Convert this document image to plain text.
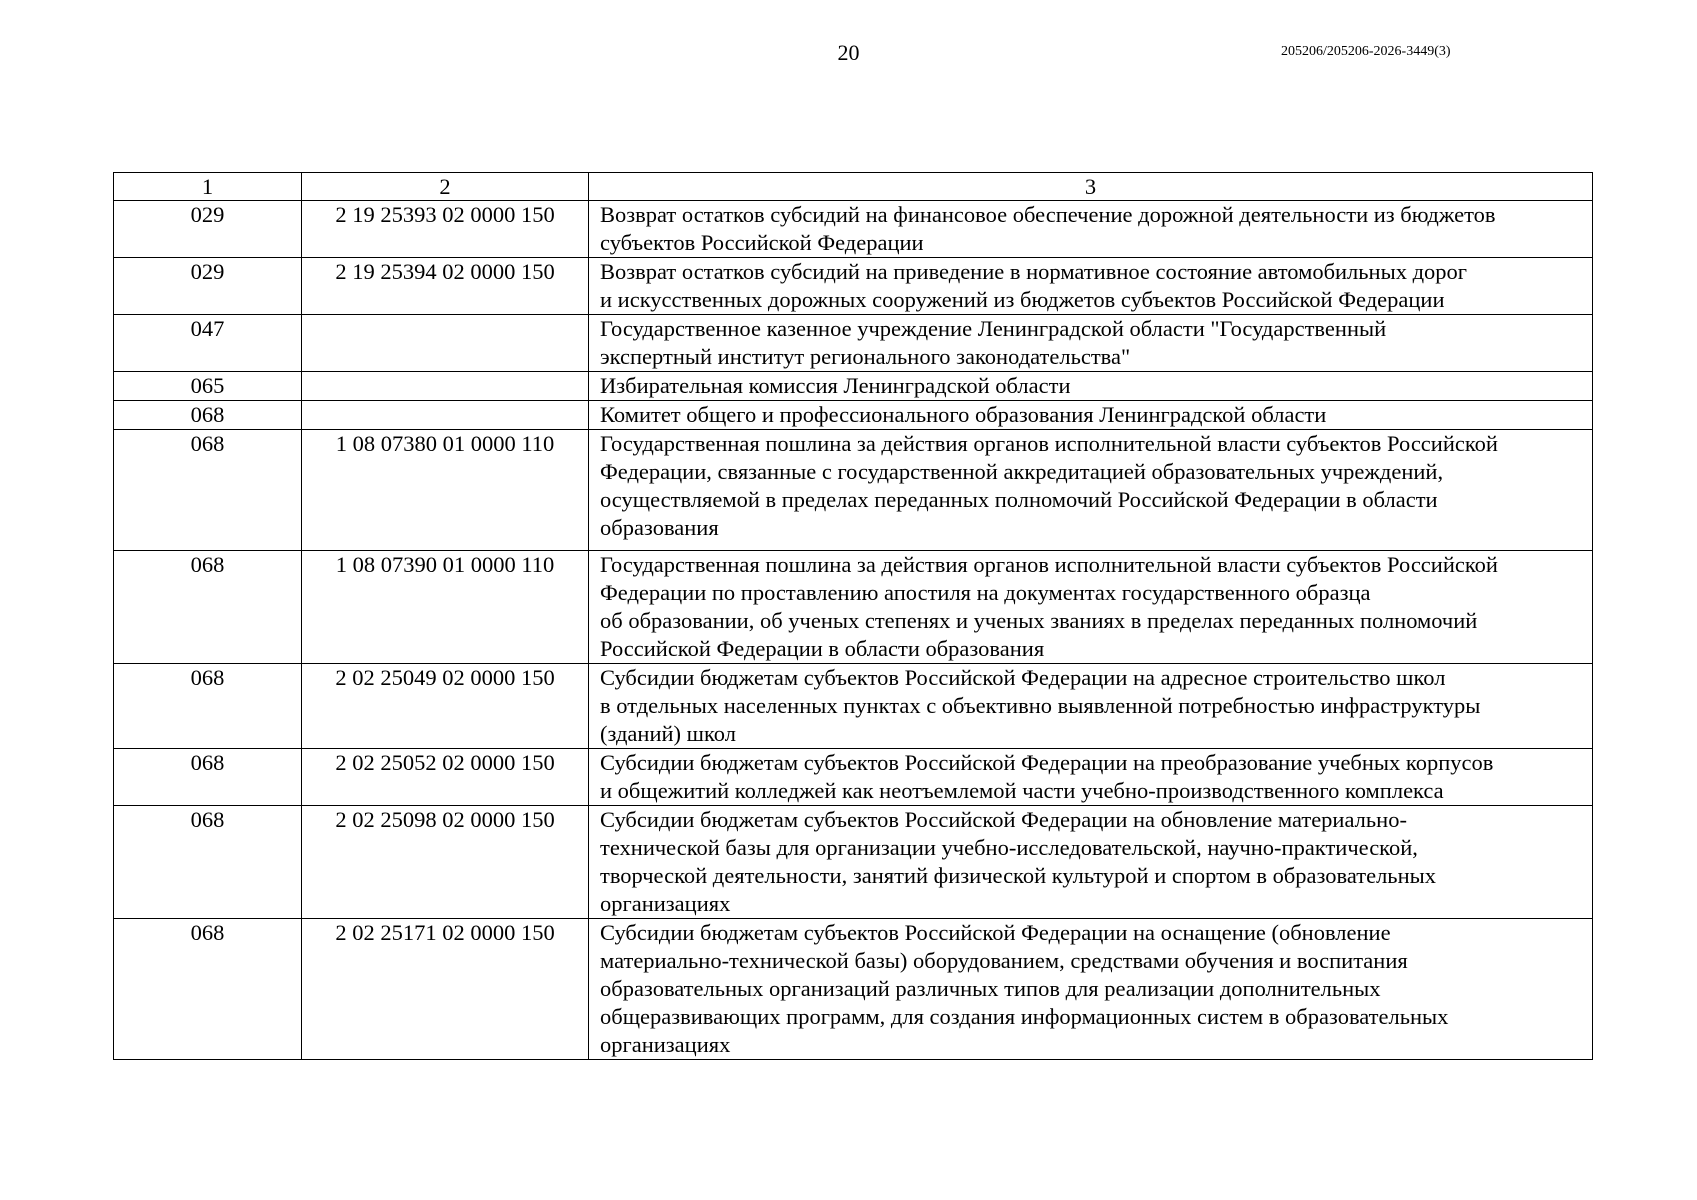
20	205206/205206-2026-3449(3)
1	2	3
029	2 19 25393 02 0000 150	Возврат остатков субсидий на финансовое обеспечение дорожной деятельности из бюджетов
субъектов Российской Федерации

029	2 19 25394 02 0000 150	Возврат остатков субсидий на приведение в нормативное состояние автомобильных дорог
и искусственных дорожных сооружений из бюджетов субъектов Российской Федерации

047		Государственное казенное учреждение Ленинградской области "Государственный
экспертный институт регионального законодательства"

065		Избирательная комиссия Ленинградской области

068		Комитет общего и профессионального образования Ленинградской области

068	1 08 07380 01 0000 110	Государственная пошлина за действия органов исполнительной власти субъектов Российской
Федерации, связанные с государственной аккредитацией образовательных учреждений,
осуществляемой в пределах переданных полномочий Российской Федерации в области
образования

068	1 08 07390 01 0000 110	Государственная пошлина за действия органов исполнительной власти субъектов Российской
Федерации по проставлению апостиля на документах государственного образца
об образовании, об ученых степенях и ученых званиях в пределах переданных полномочий
Российской Федерации в области образования

068	2 02 25049 02 0000 150	Субсидии бюджетам субъектов Российской Федерации на адресное строительство школ
в отдельных населенных пунктах с объективно выявленной потребностью инфраструктуры
(зданий) школ

068	2 02 25052 02 0000 150	Субсидии бюджетам субъектов Российской Федерации на преобразование учебных корпусов
и общежитий колледжей как неотъемлемой части учебно-производственного комплекса

068	2 02 25098 02 0000 150	Субсидии бюджетам субъектов Российской Федерации на обновление материально-
технической базы для организации учебно-исследовательской, научно-практической,
творческой деятельности, занятий физической культурой и спортом в образовательных
организациях

068	2 02 25171 02 0000 150	Субсидии бюджетам субъектов Российской Федерации на оснащение (обновление
материально-технической базы) оборудованием, средствами обучения и воспитания
образовательных организаций различных типов для реализации дополнительных
общеразвивающих программ, для создания информационных систем в образовательных
организациях
